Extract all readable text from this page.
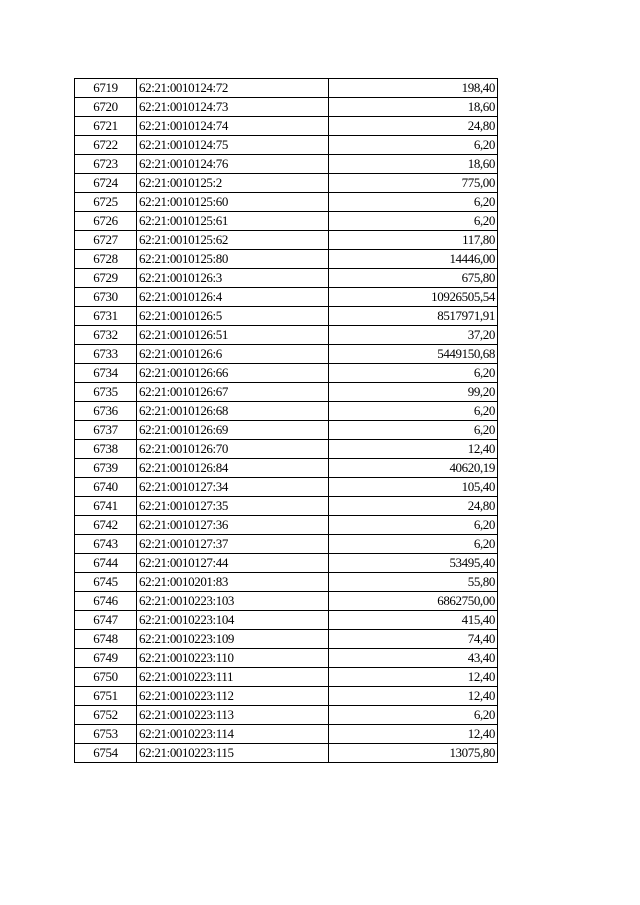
6719	62:21:0010124:72	198,40
6720	62:21:0010124:73	18,60
6721	62:21:0010124:74	24,80
6722	62:21:0010124:75	6,20
6723	62:21:0010124:76	18,60
6724	62:21:0010125:2	775,00
6725	62:21:0010125:60	6,20
6726	62:21:0010125:61	6,20
6727	62:21:0010125:62	117,80
6728	62:21:0010125:80	14446,00
6729	62:21:0010126:3	675,80
6730	62:21:0010126:4	10926505,54
6731	62:21:0010126:5	8517971,91
6732	62:21:0010126:51	37,20
6733	62:21:0010126:6	5449150,68
6734	62:21:0010126:66	6,20
6735	62:21:0010126:67	99,20
6736	62:21:0010126:68	6,20
6737	62:21:0010126:69	6,20
6738	62:21:0010126:70	12,40
6739	62:21:0010126:84	40620,19
6740	62:21:0010127:34	105,40
6741	62:21:0010127:35	24,80
6742	62:21:0010127:36	6,20
6743	62:21:0010127:37	6,20
6744	62:21:0010127:44	53495,40
6745	62:21:0010201:83	55,80
6746	62:21:0010223:103	6862750,00
6747	62:21:0010223:104	415,40
6748	62:21:0010223:109	74,40
6749	62:21:0010223:110	43,40
6750	62:21:0010223:111	12,40
6751	62:21:0010223:112	12,40
6752	62:21:0010223:113	6,20
6753	62:21:0010223:114	12,40
6754	62:21:0010223:115	13075,80
